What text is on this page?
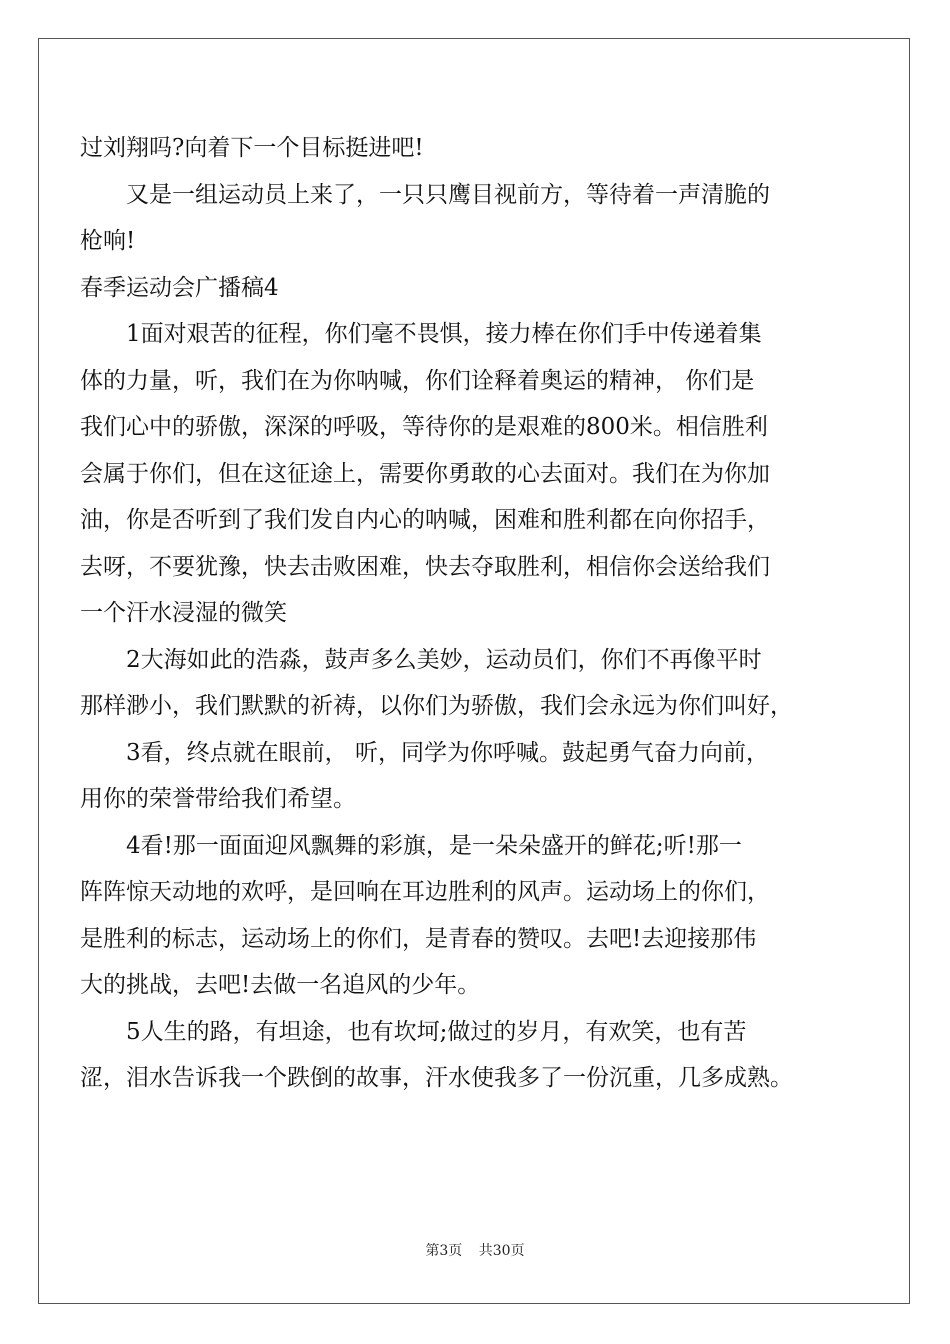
过刘翔吗?向着下一个目标挺进吧!
又是一组运动员上来了，一只只鹰目视前方，等待着一声清脆的
枪响!
春季运动会广播稿4
1面对艰苦的征程，你们毫不畏惧，接力棒在你们手中传递着集
体的力量，听，我们在为你呐喊，你们诠释着奥运的精神， 你们是
我们心中的骄傲，深深的呼吸，等待你的是艰难的800米。相信胜利
会属于你们，但在这征途上，需要你勇敢的心去面对。我们在为你加
油，你是否听到了我们发自内心的呐喊，困难和胜利都在向你招手，
去呀，不要犹豫，快去击败困难，快去夺取胜利，相信你会送给我们
一个汗水浸湿的微笑
2大海如此的浩淼，鼓声多么美妙，运动员们，你们不再像平时
那样渺小，我们默默的祈祷，以你们为骄傲，我们会永远为你们叫好，
3看，终点就在眼前， 听，同学为你呼喊。鼓起勇气奋力向前，
用你的荣誉带给我们希望。
4看!那一面面迎风飘舞的彩旗，是一朵朵盛开的鲜花;听!那一
阵阵惊天动地的欢呼，是回响在耳边胜利的风声。运动场上的你们，
是胜利的标志，运动场上的你们，是青春的赞叹。去吧!去迎接那伟
大的挑战，去吧!去做一名追风的少年。
5人生的路，有坦途，也有坎坷;做过的岁月，有欢笑，也有苦
涩，泪水告诉我一个跌倒的故事，汗水使我多了一份沉重，几多成熟。
第3页 共30页
